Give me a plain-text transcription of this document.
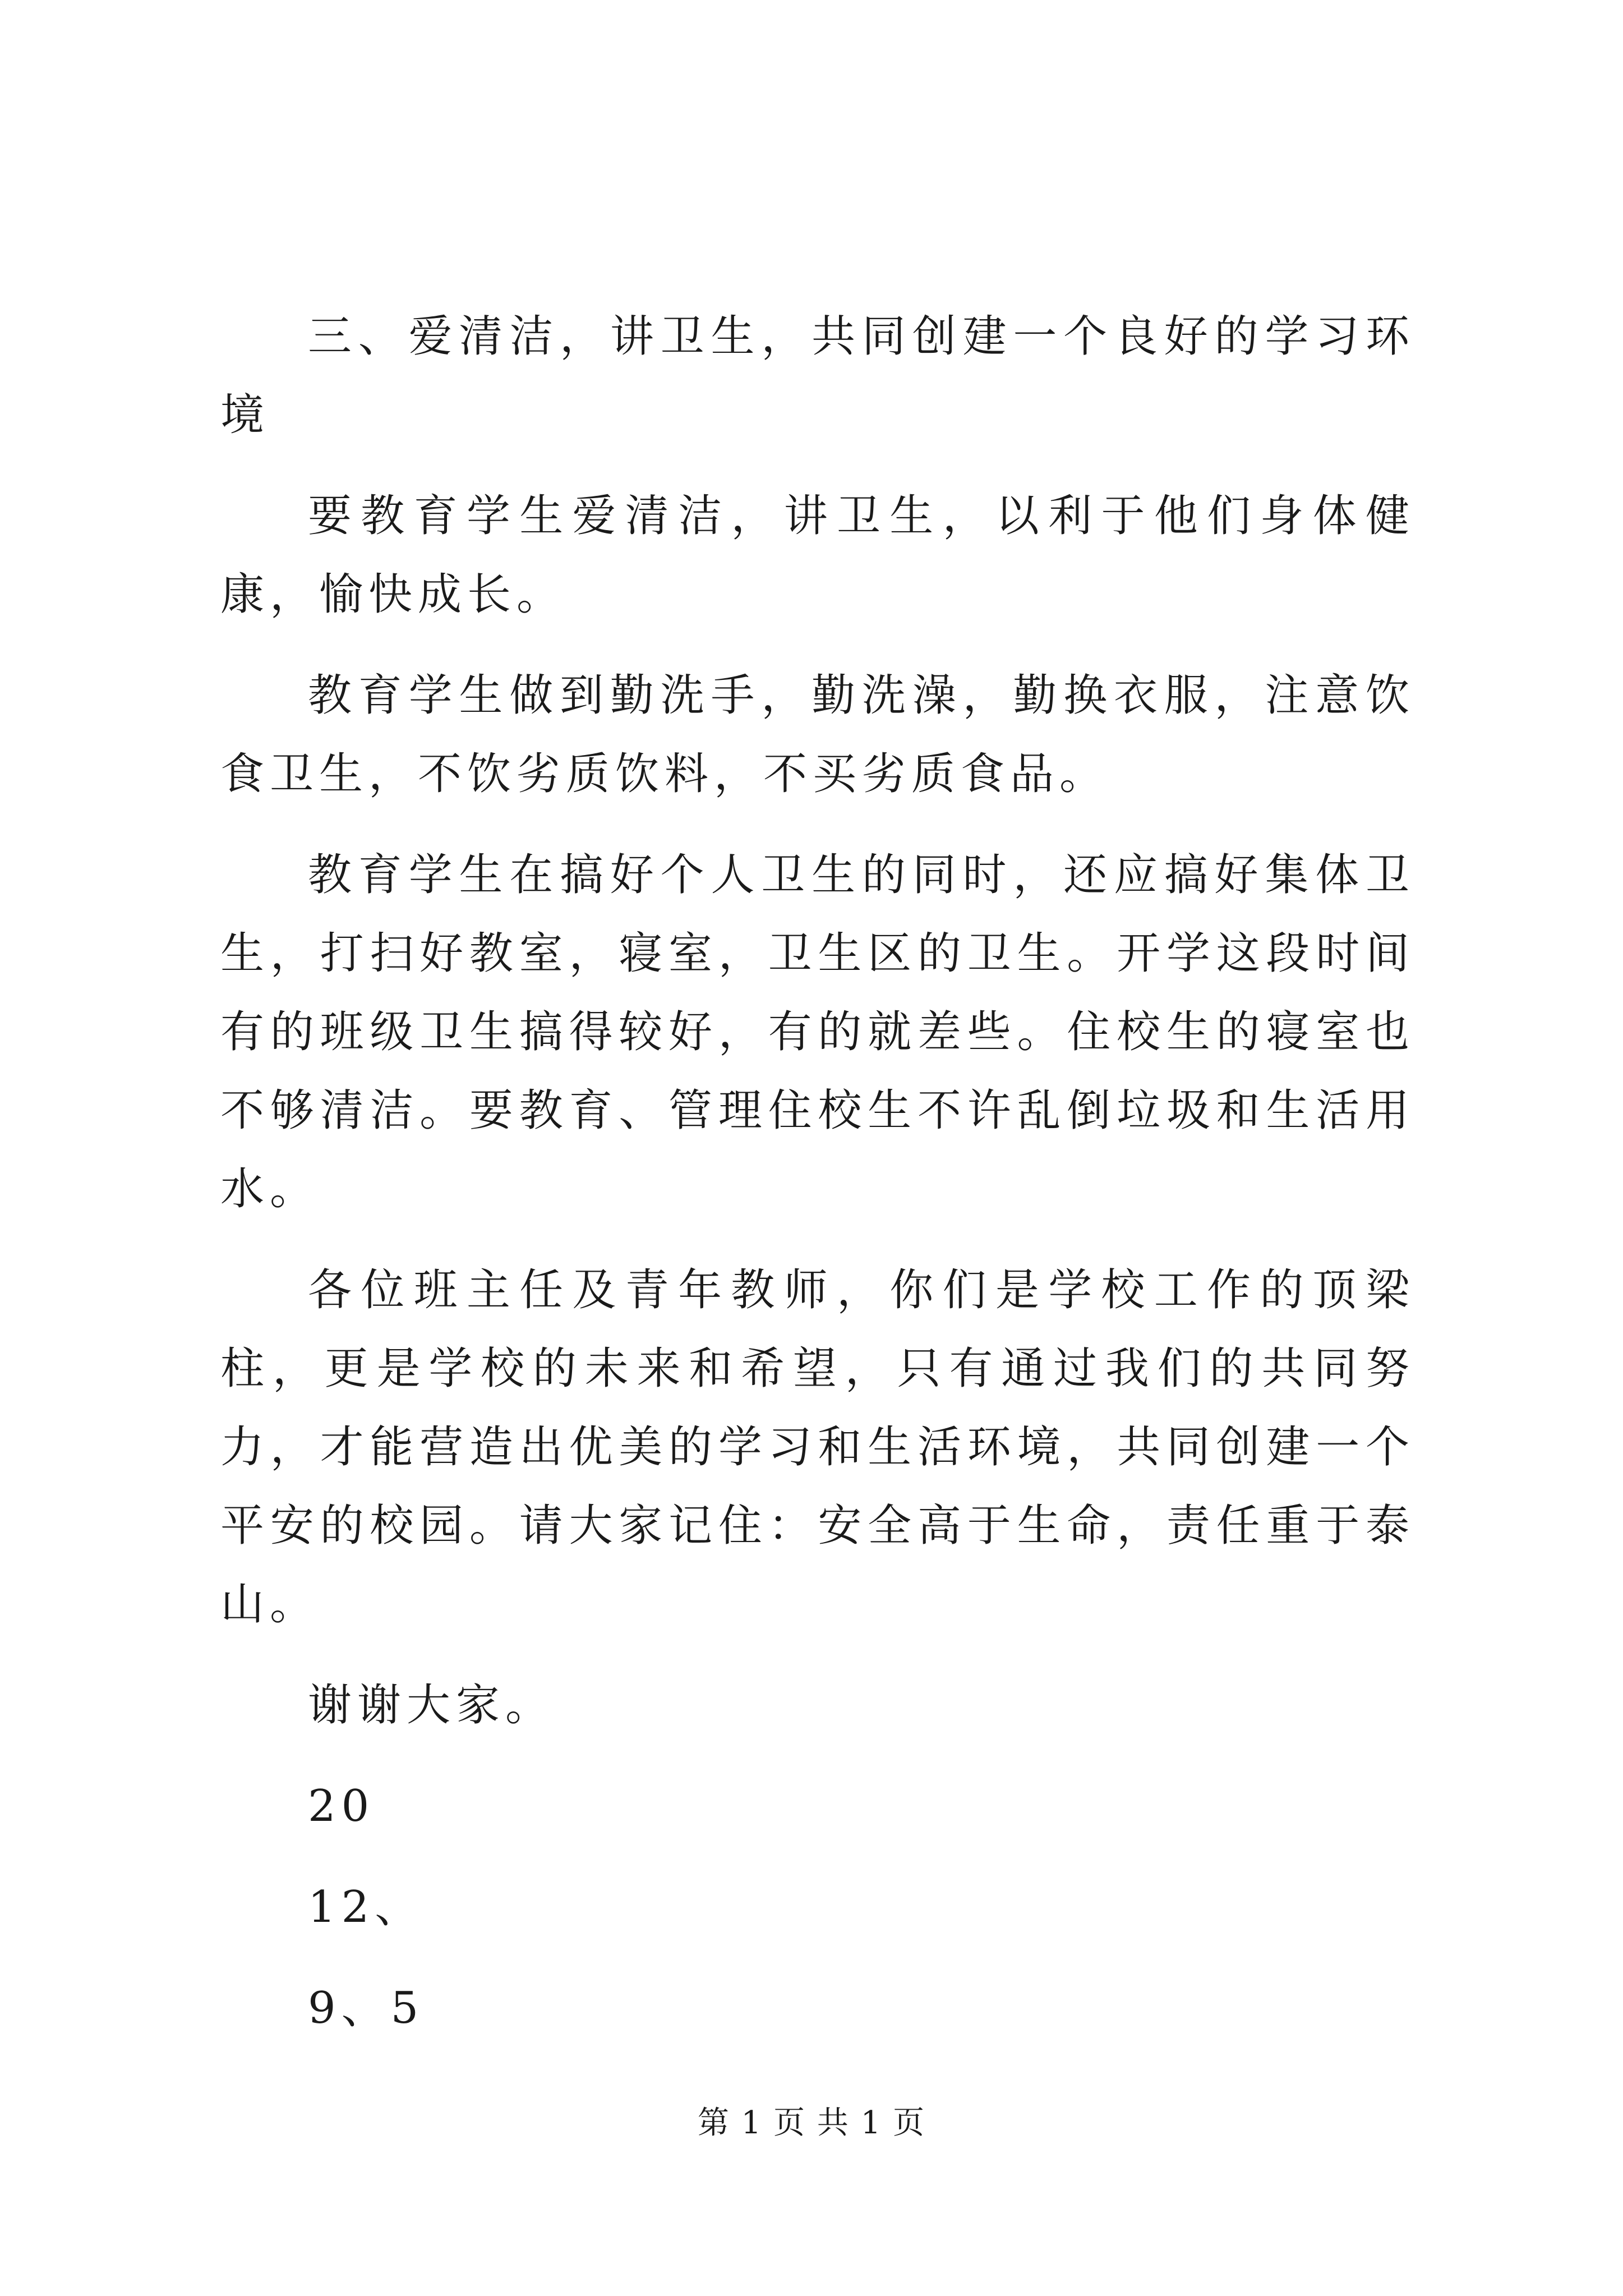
三、爱清洁，讲卫生，共同创建一个良好的学习环境

要教育学生爱清洁，讲卫生，以利于他们身体健康，愉快成长。

教育学生做到勤洗手，勤洗澡，勤换衣服，注意饮食卫生，不饮劣质饮料，不买劣质食品。

教育学生在搞好个人卫生的同时，还应搞好集体卫生，打扫好教室，寝室，卫生区的卫生。开学这段时间有的班级卫生搞得较好，有的就差些。住校生的寝室也不够清洁。要教育、管理住校生不许乱倒垃圾和生活用水。

各位班主任及青年教师，你们是学校工作的顶梁柱，更是学校的未来和希望，只有通过我们的共同努力，才能营造出优美的学习和生活环境，共同创建一个平安的校园。请大家记住：安全高于生命，责任重于泰山。

谢谢大家。

20

12、

9、5

第 1 页 共 1 页
